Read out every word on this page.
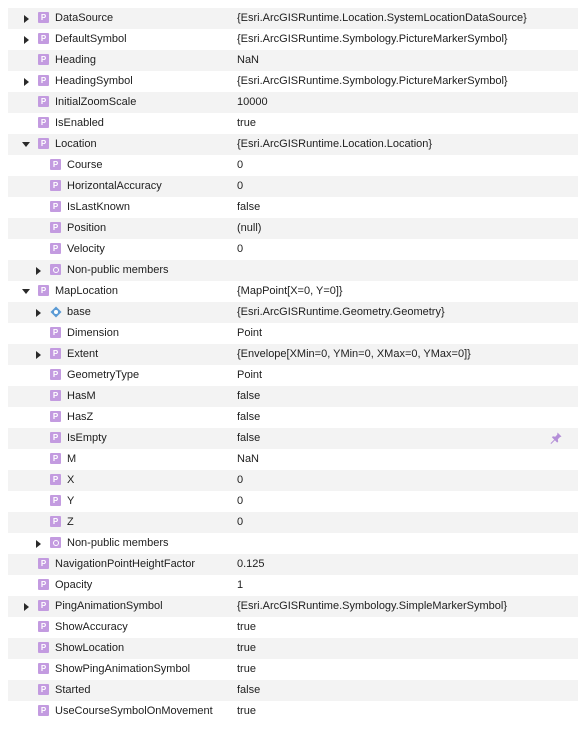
P DataSource	{Esri.ArcGISRuntime.Location.SystemLocationDataSource}
P DefaultSymbol	{Esri.ArcGISRuntime.Symbology.PictureMarkerSymbol}
P Heading	NaN
P HeadingSymbol	{Esri.ArcGISRuntime.Symbology.PictureMarkerSymbol}
P InitialZoomScale	10000
P IsEnabled	true
P Location	{Esri.ArcGISRuntime.Location.Location}
P Course	0
P HorizontalAccuracy	0
P IsLastKnown	false
P Position	(null)
P Velocity	0
Non-public members
P MapLocation	{MapPoint[X=0, Y=0]}
base	{Esri.ArcGISRuntime.Geometry.Geometry}
P Dimension	Point
P Extent	{Envelope[XMin=0, YMin=0, XMax=0, YMax=0]}
P GeometryType	Point
P HasM	false
P HasZ	false
P IsEmpty	false
P M	NaN
P X	0
P Y	0
P Z	0
Non-public members
P NavigationPointHeightFactor	0.125
P Opacity	1
P PingAnimationSymbol	{Esri.ArcGISRuntime.Symbology.SimpleMarkerSymbol}
P ShowAccuracy	true
P ShowLocation	true
P ShowPingAnimationSymbol	true
P Started	false
P UseCourseSymbolOnMovement true
